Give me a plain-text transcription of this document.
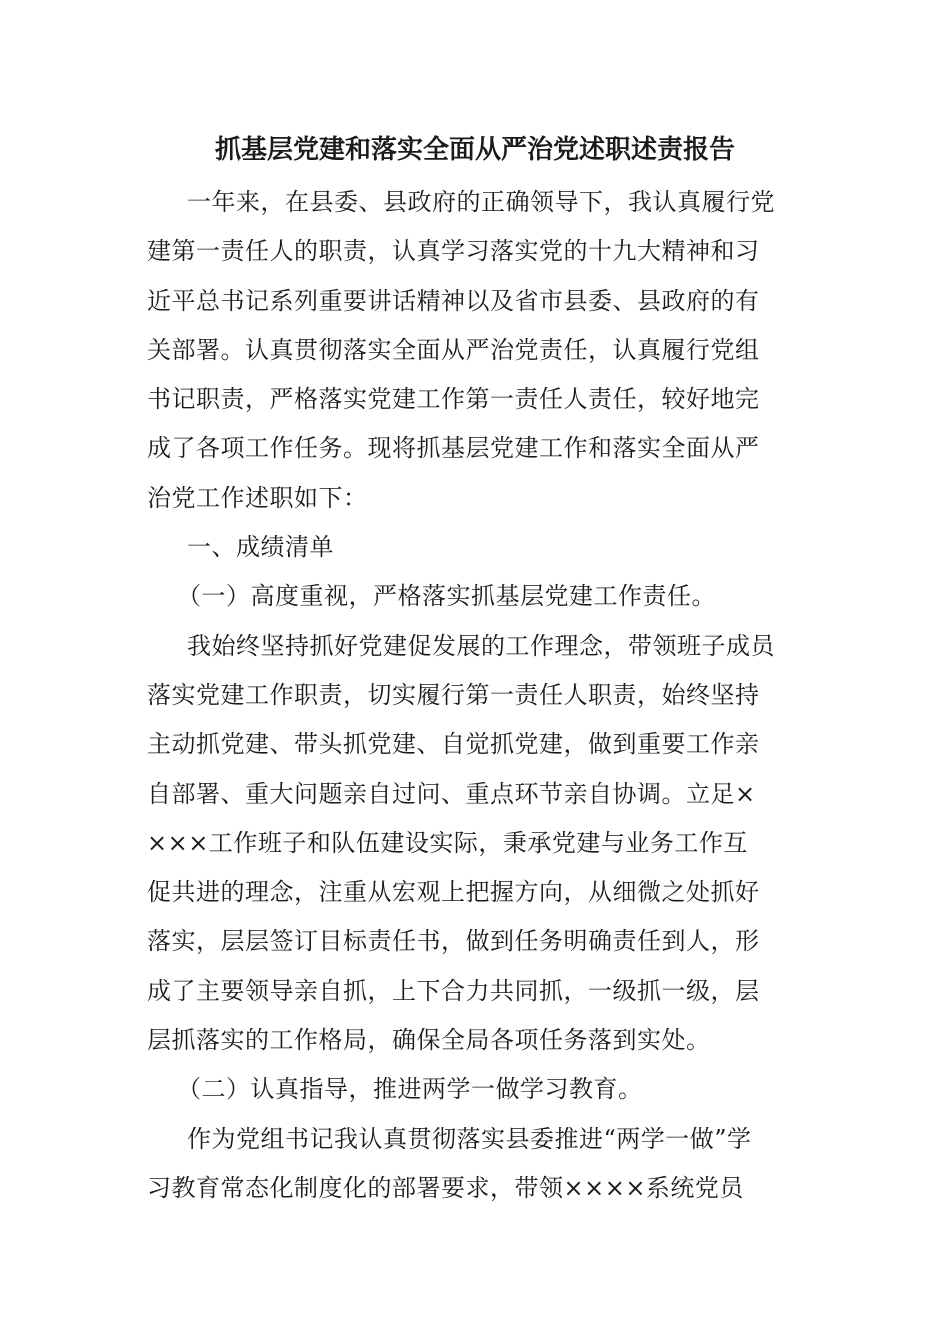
抓基层党建和落实全面从严治党述职述责报告

一年来，在县委、县政府的正确领导下，我认真履行党

建第一责任人的职责，认真学习落实党的十九大精神和习

近平总书记系列重要讲话精神以及省市县委、县政府的有

关部署。认真贯彻落实全面从严治党责任，认真履行党组

书记职责，严格落实党建工作第一责任人责任，较好地完

成了各项工作任务。现将抓基层党建工作和落实全面从严

治党工作述职如下：

一、成绩清单

（一）高度重视，严格落实抓基层党建工作责任。

我始终坚持抓好党建促发展的工作理念，带领班子成员

落实党建工作职责，切实履行第一责任人职责，始终坚持

主动抓党建、带头抓党建、自觉抓党建，做到重要工作亲

自部署、重大问题亲自过问、重点环节亲自协调。立足×

×××工作班子和队伍建设实际，秉承党建与业务工作互

促共进的理念，注重从宏观上把握方向，从细微之处抓好

落实，层层签订目标责任书，做到任务明确责任到人，形

成了主要领导亲自抓，上下合力共同抓，一级抓一级，层

层抓落实的工作格局，确保全局各项任务落到实处。

（二）认真指导，推进两学一做学习教育。

作为党组书记我认真贯彻落实县委推进“两学一做”学

习教育常态化制度化的部署要求，带领××××系统党员
